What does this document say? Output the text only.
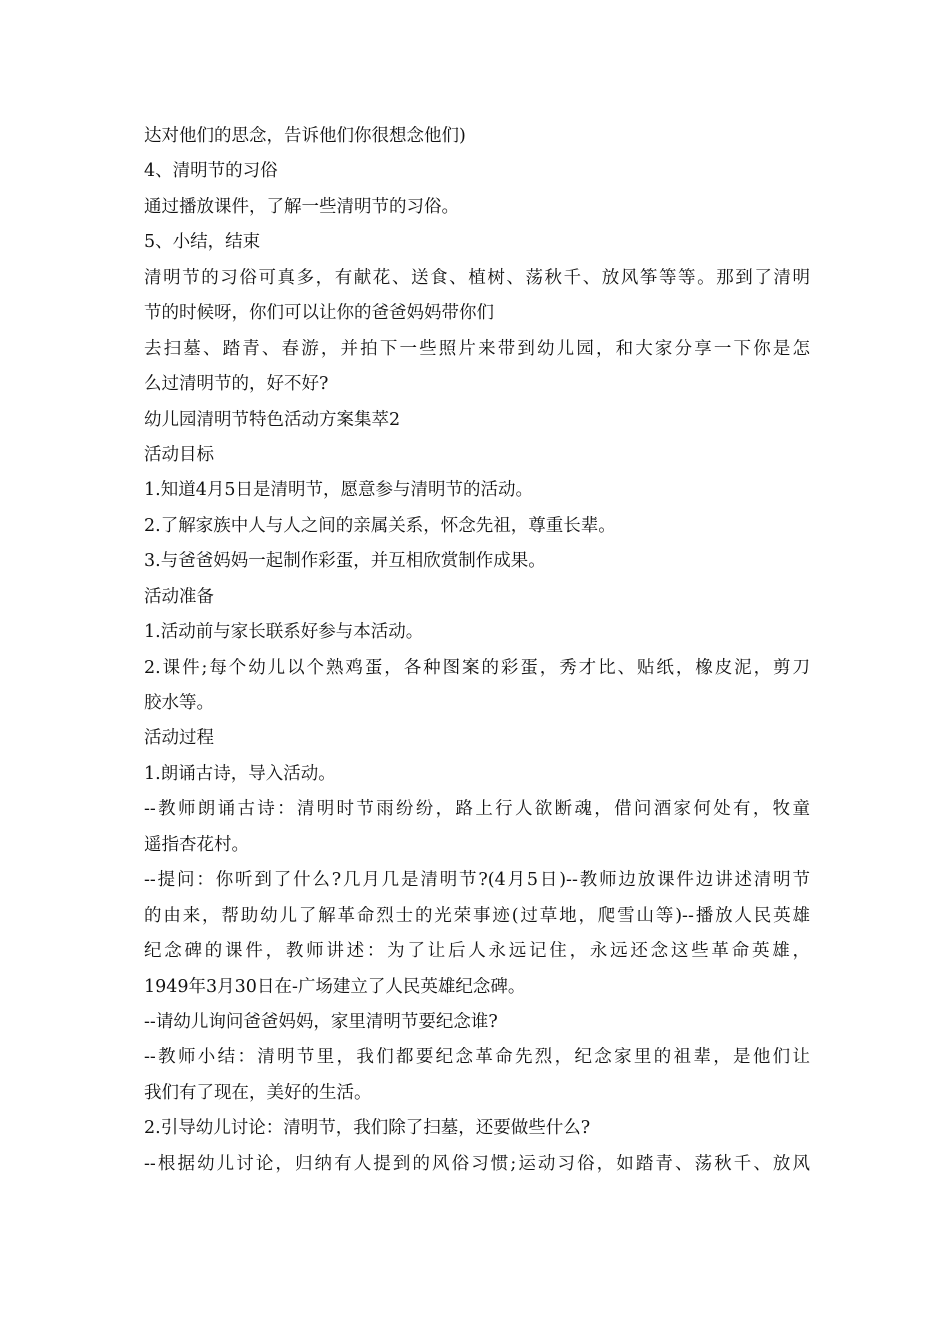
达对他们的思念，告诉他们你很想念他们)
4、清明节的习俗
通过播放课件，了解一些清明节的习俗。
5、小结，结束
清明节的习俗可真多，有献花、送食、植树、荡秋千、放风筝等等。那到了清明
节的时候呀，你们可以让你的爸爸妈妈带你们
去扫墓、踏青、春游，并拍下一些照片来带到幼儿园，和大家分享一下你是怎
么过清明节的，好不好?
幼儿园清明节特色活动方案集萃2
活动目标
1.知道4月5日是清明节，愿意参与清明节的活动。
2.了解家族中人与人之间的亲属关系，怀念先祖，尊重长辈。
3.与爸爸妈妈一起制作彩蛋，并互相欣赏制作成果。
活动准备
1.活动前与家长联系好参与本活动。
2.课件;每个幼儿以个熟鸡蛋，各种图案的彩蛋，秀才比、贴纸，橡皮泥，剪刀
胶水等。
活动过程
1.朗诵古诗，导入活动。
--教师朗诵古诗：清明时节雨纷纷，路上行人欲断魂，借问酒家何处有，牧童
遥指杏花村。
--提问：你听到了什么?几月几是清明节?(4月5日)--教师边放课件边讲述清明节
的由来，帮助幼儿了解革命烈士的光荣事迹(过草地，爬雪山等)--播放人民英雄
纪念碑的课件，教师讲述：为了让后人永远记住，永远还念这些革命英雄，
1949年3月30日在-广场建立了人民英雄纪念碑。
--请幼儿询问爸爸妈妈，家里清明节要纪念谁?
--教师小结：清明节里，我们都要纪念革命先烈，纪念家里的祖辈，是他们让
我们有了现在，美好的生活。
2.引导幼儿讨论：清明节，我们除了扫墓，还要做些什么?
--根据幼儿讨论，归纳有人提到的风俗习惯;运动习俗，如踏青、荡秋千、放风
